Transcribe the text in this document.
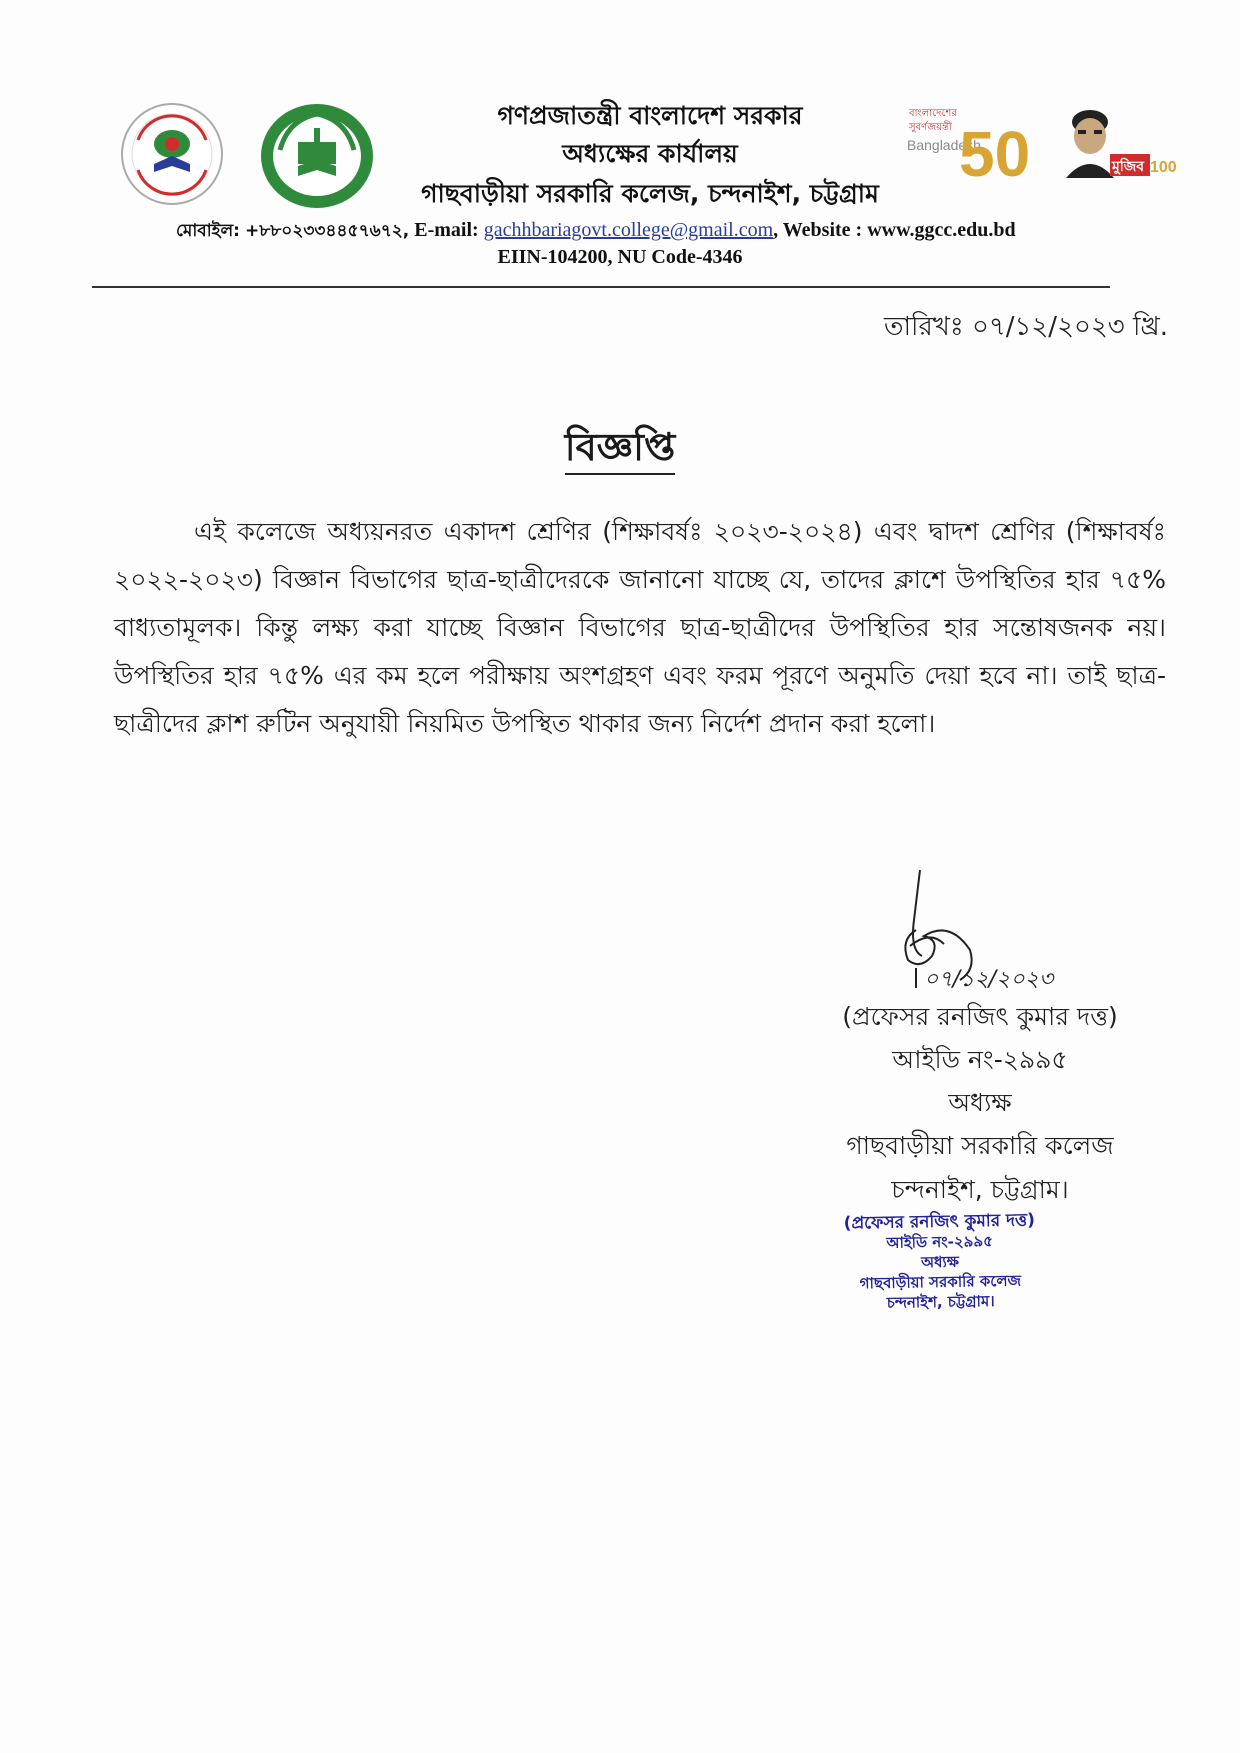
বাংলাদেশের
সুবর্ণজয়ন্তী
Bangladesh
50	মুজিব 100
গণপ্রজাতন্ত্রী বাংলাদেশ সরকার
অধ্যক্ষের কার্যালয়
গাছবাড়ীয়া সরকারি কলেজ, চন্দনাইশ, চট্টগ্রাম
মোবাইল: +৮৮০২৩৩৪৪৫৭৬৭২, E-mail: gachhbariagovt.college@gmail.com, Website : www.ggcc.edu.bd
EIIN-104200, NU Code-4346
তারিখঃ ০৭/১২/২০২৩ খ্রি.
বিজ্ঞপ্তি
এই কলেজে অধ্যয়নরত একাদশ শ্রেণির (শিক্ষাবর্ষঃ ২০২৩-২০২৪) এবং দ্বাদশ শ্রেণির (শিক্ষাবর্ষঃ ২০২২-২০২৩) বিজ্ঞান বিভাগের ছাত্র-ছাত্রীদেরকে জানানো যাচ্ছে যে, তাদের ক্লাশে উপস্থিতির হার ৭৫% বাধ্যতামূলক। কিন্তু লক্ষ্য করা যাচ্ছে বিজ্ঞান বিভাগের ছাত্র-ছাত্রীদের উপস্থিতির হার সন্তোষজনক নয়। উপস্থিতির হার ৭৫% এর কম হলে পরীক্ষায় অংশগ্রহণ এবং ফরম পূরণে অনুমতি দেয়া হবে না। তাই ছাত্র-ছাত্রীদের ক্লাশ রুটিন অনুযায়ী নিয়মিত উপস্থিত থাকার জন্য নির্দেশ প্রদান করা হলো।
০৭/১২/২০২৩
(প্রফেসর রনজিৎ কুমার দত্ত)
আইডি নং-২৯৯৫
অধ্যক্ষ
গাছবাড়ীয়া সরকারি কলেজ
চন্দনাইশ, চট্টগ্রাম।
(প্রফেসর রনজিৎ কুমার দত্ত)
আইডি নং-২৯৯৫
অধ্যক্ষ
গাছবাড়ীয়া সরকারি কলেজ
চন্দনাইশ, চট্টগ্রাম।
